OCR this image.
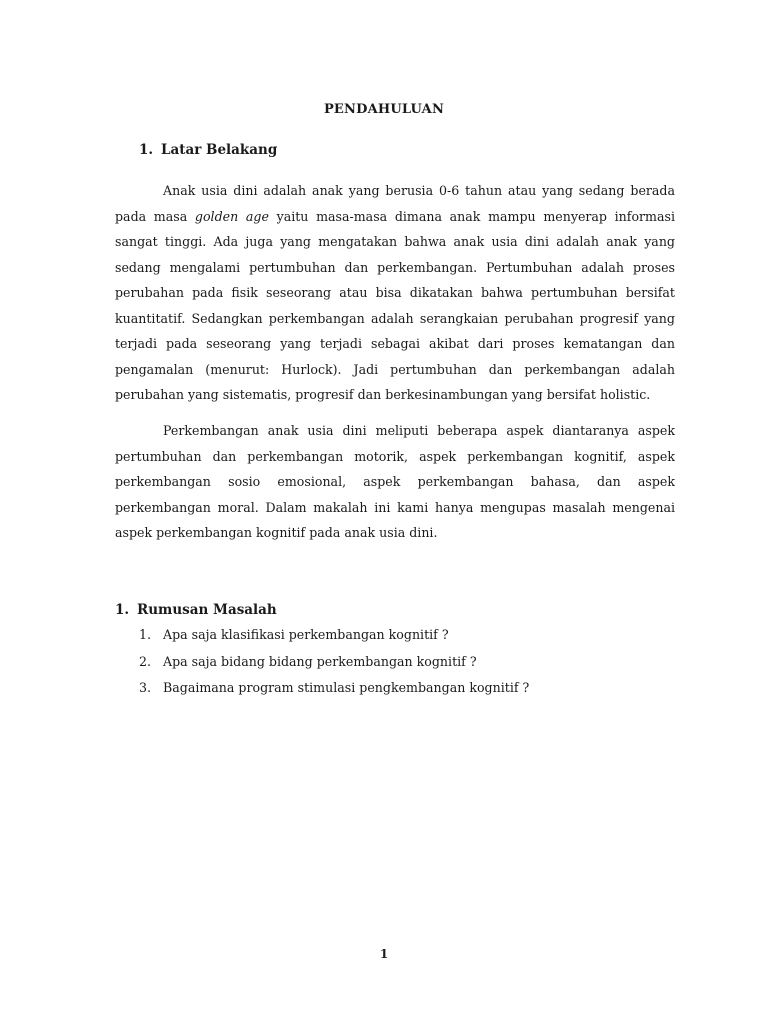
PENDAHULUAN
1. Latar Belakang

Anak usia dini adalah anak yang berusia 0-6 tahun atau yang sedang berada pada masa golden age yaitu masa-masa dimana anak mampu menyerap informasi sangat tinggi. Ada juga yang mengatakan bahwa anak usia dini adalah anak yang sedang mengalami pertumbuhan dan perkembangan. Pertumbuhan adalah proses perubahan pada fisik seseorang atau bisa dikatakan bahwa pertumbuhan bersifat kuantitatif. Sedangkan perkembangan adalah serangkaian perubahan progresif yang terjadi pada seseorang yang terjadi sebagai akibat dari proses kematangan dan pengamalan (menurut: Hurlock). Jadi pertumbuhan dan perkembangan adalah perubahan yang sistematis, progresif dan berkesinambungan yang bersifat holistic.

Perkembangan anak usia dini meliputi beberapa aspek diantaranya aspek pertumbuhan dan perkembangan motorik, aspek perkembangan kognitif, aspek perkembangan sosio emosional, aspek perkembangan bahasa, dan aspek perkembangan moral. Dalam makalah ini kami hanya mengupas masalah mengenai aspek perkembangan kognitif pada anak usia dini.

1. Rumusan Masalah
1. Apa saja klasifikasi perkembangan kognitif ?
2. Apa saja bidang bidang perkembangan kognitif ?
3. Bagaimana program stimulasi pengkembangan kognitif ?
1
